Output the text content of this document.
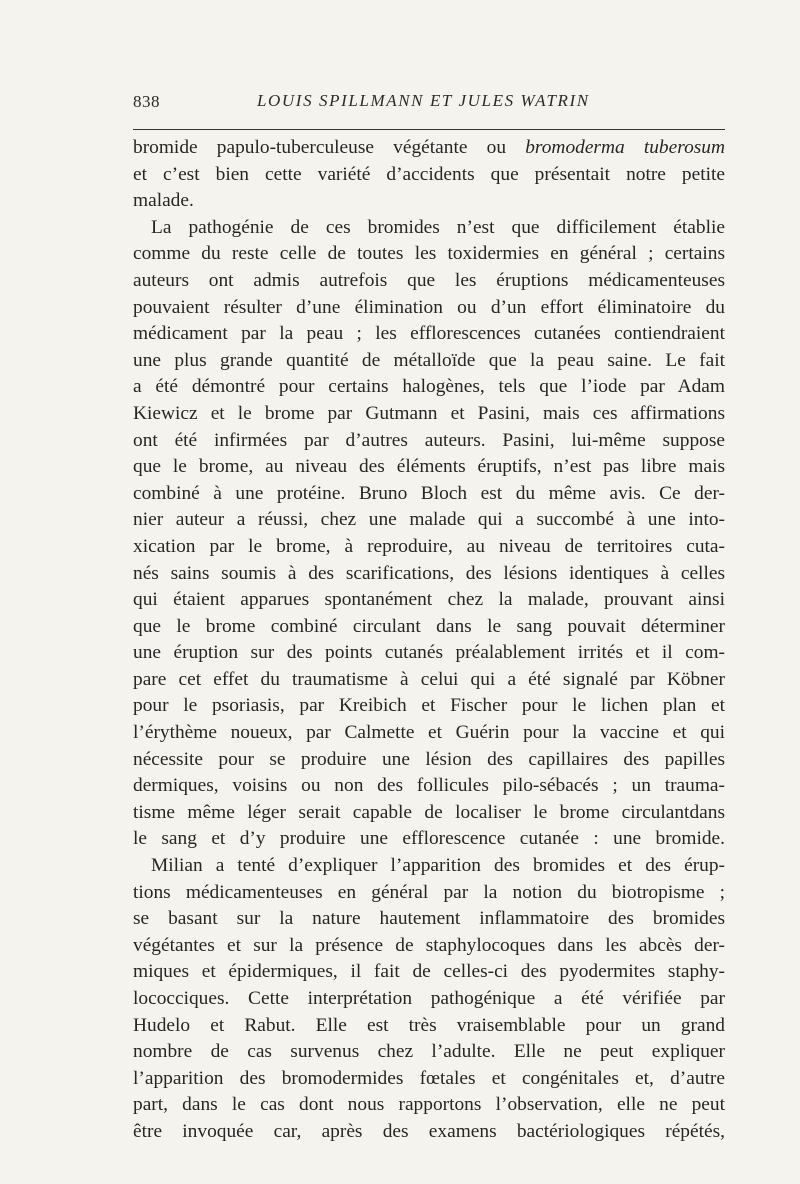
838	LOUIS SPILLMANN ET JULES WATRIN
bromide papulo-tuberculeuse végétante ou bromoderma tuberosum
et c’est bien cette variété d’accidents que présentait notre petite
malade.
La pathogénie de ces bromides n’est que difficilement établie
comme du reste celle de toutes les toxidermies en général ; certains
auteurs ont admis autrefois que les éruptions médicamenteuses
pouvaient résulter d’une élimination ou d’un effort éliminatoire du
médicament par la peau ; les efflorescences cutanées contiendraient
une plus grande quantité de métalloïde que la peau saine. Le fait
a été démontré pour certains halogènes, tels que l’iode par Adam
Kiewicz et le brome par Gutmann et Pasini, mais ces affirmations
ont été infirmées par d’autres auteurs. Pasini, lui-même suppose
que le brome, au niveau des éléments éruptifs, n’est pas libre mais
combiné à une protéine. Bruno Bloch est du même avis. Ce der-
nier auteur a réussi, chez une malade qui a succombé à une into-
xication par le brome, à reproduire, au niveau de territoires cuta-
nés sains soumis à des scarifications, des lésions identiques à celles
qui étaient apparues spontanément chez la malade, prouvant ainsi
que le brome combiné circulant dans le sang pouvait déterminer
une éruption sur des points cutanés préalablement irrités et il com-
pare cet effet du traumatisme à celui qui a été signalé par Köbner
pour le psoriasis, par Kreibich et Fischer pour le lichen plan et
l’érythème noueux, par Calmette et Guérin pour la vaccine et qui
nécessite pour se produire une lésion des capillaires des papilles
dermiques, voisins ou non des follicules pilo-sébacés ; un trauma-
tisme même léger serait capable de localiser le brome circulantdans
le sang et d’y produire une efflorescence cutanée : une bromide.
Milian a tenté d’expliquer l’apparition des bromides et des érup-
tions médicamenteuses en général par la notion du biotropisme ;
se basant sur la nature hautement inflammatoire des bromides
végétantes et sur la présence de staphylocoques dans les abcès der-
miques et épidermiques, il fait de celles-ci des pyodermites staphy-
lococciques. Cette interprétation pathogénique a été vérifiée par
Hudelo et Rabut. Elle est très vraisemblable pour un grand
nombre de cas survenus chez l’adulte. Elle ne peut expliquer
l’apparition des bromodermides fœtales et congénitales et, d’autre
part, dans le cas dont nous rapportons l’observation, elle ne peut
être invoquée car, après des examens bactériologiques répétés,
